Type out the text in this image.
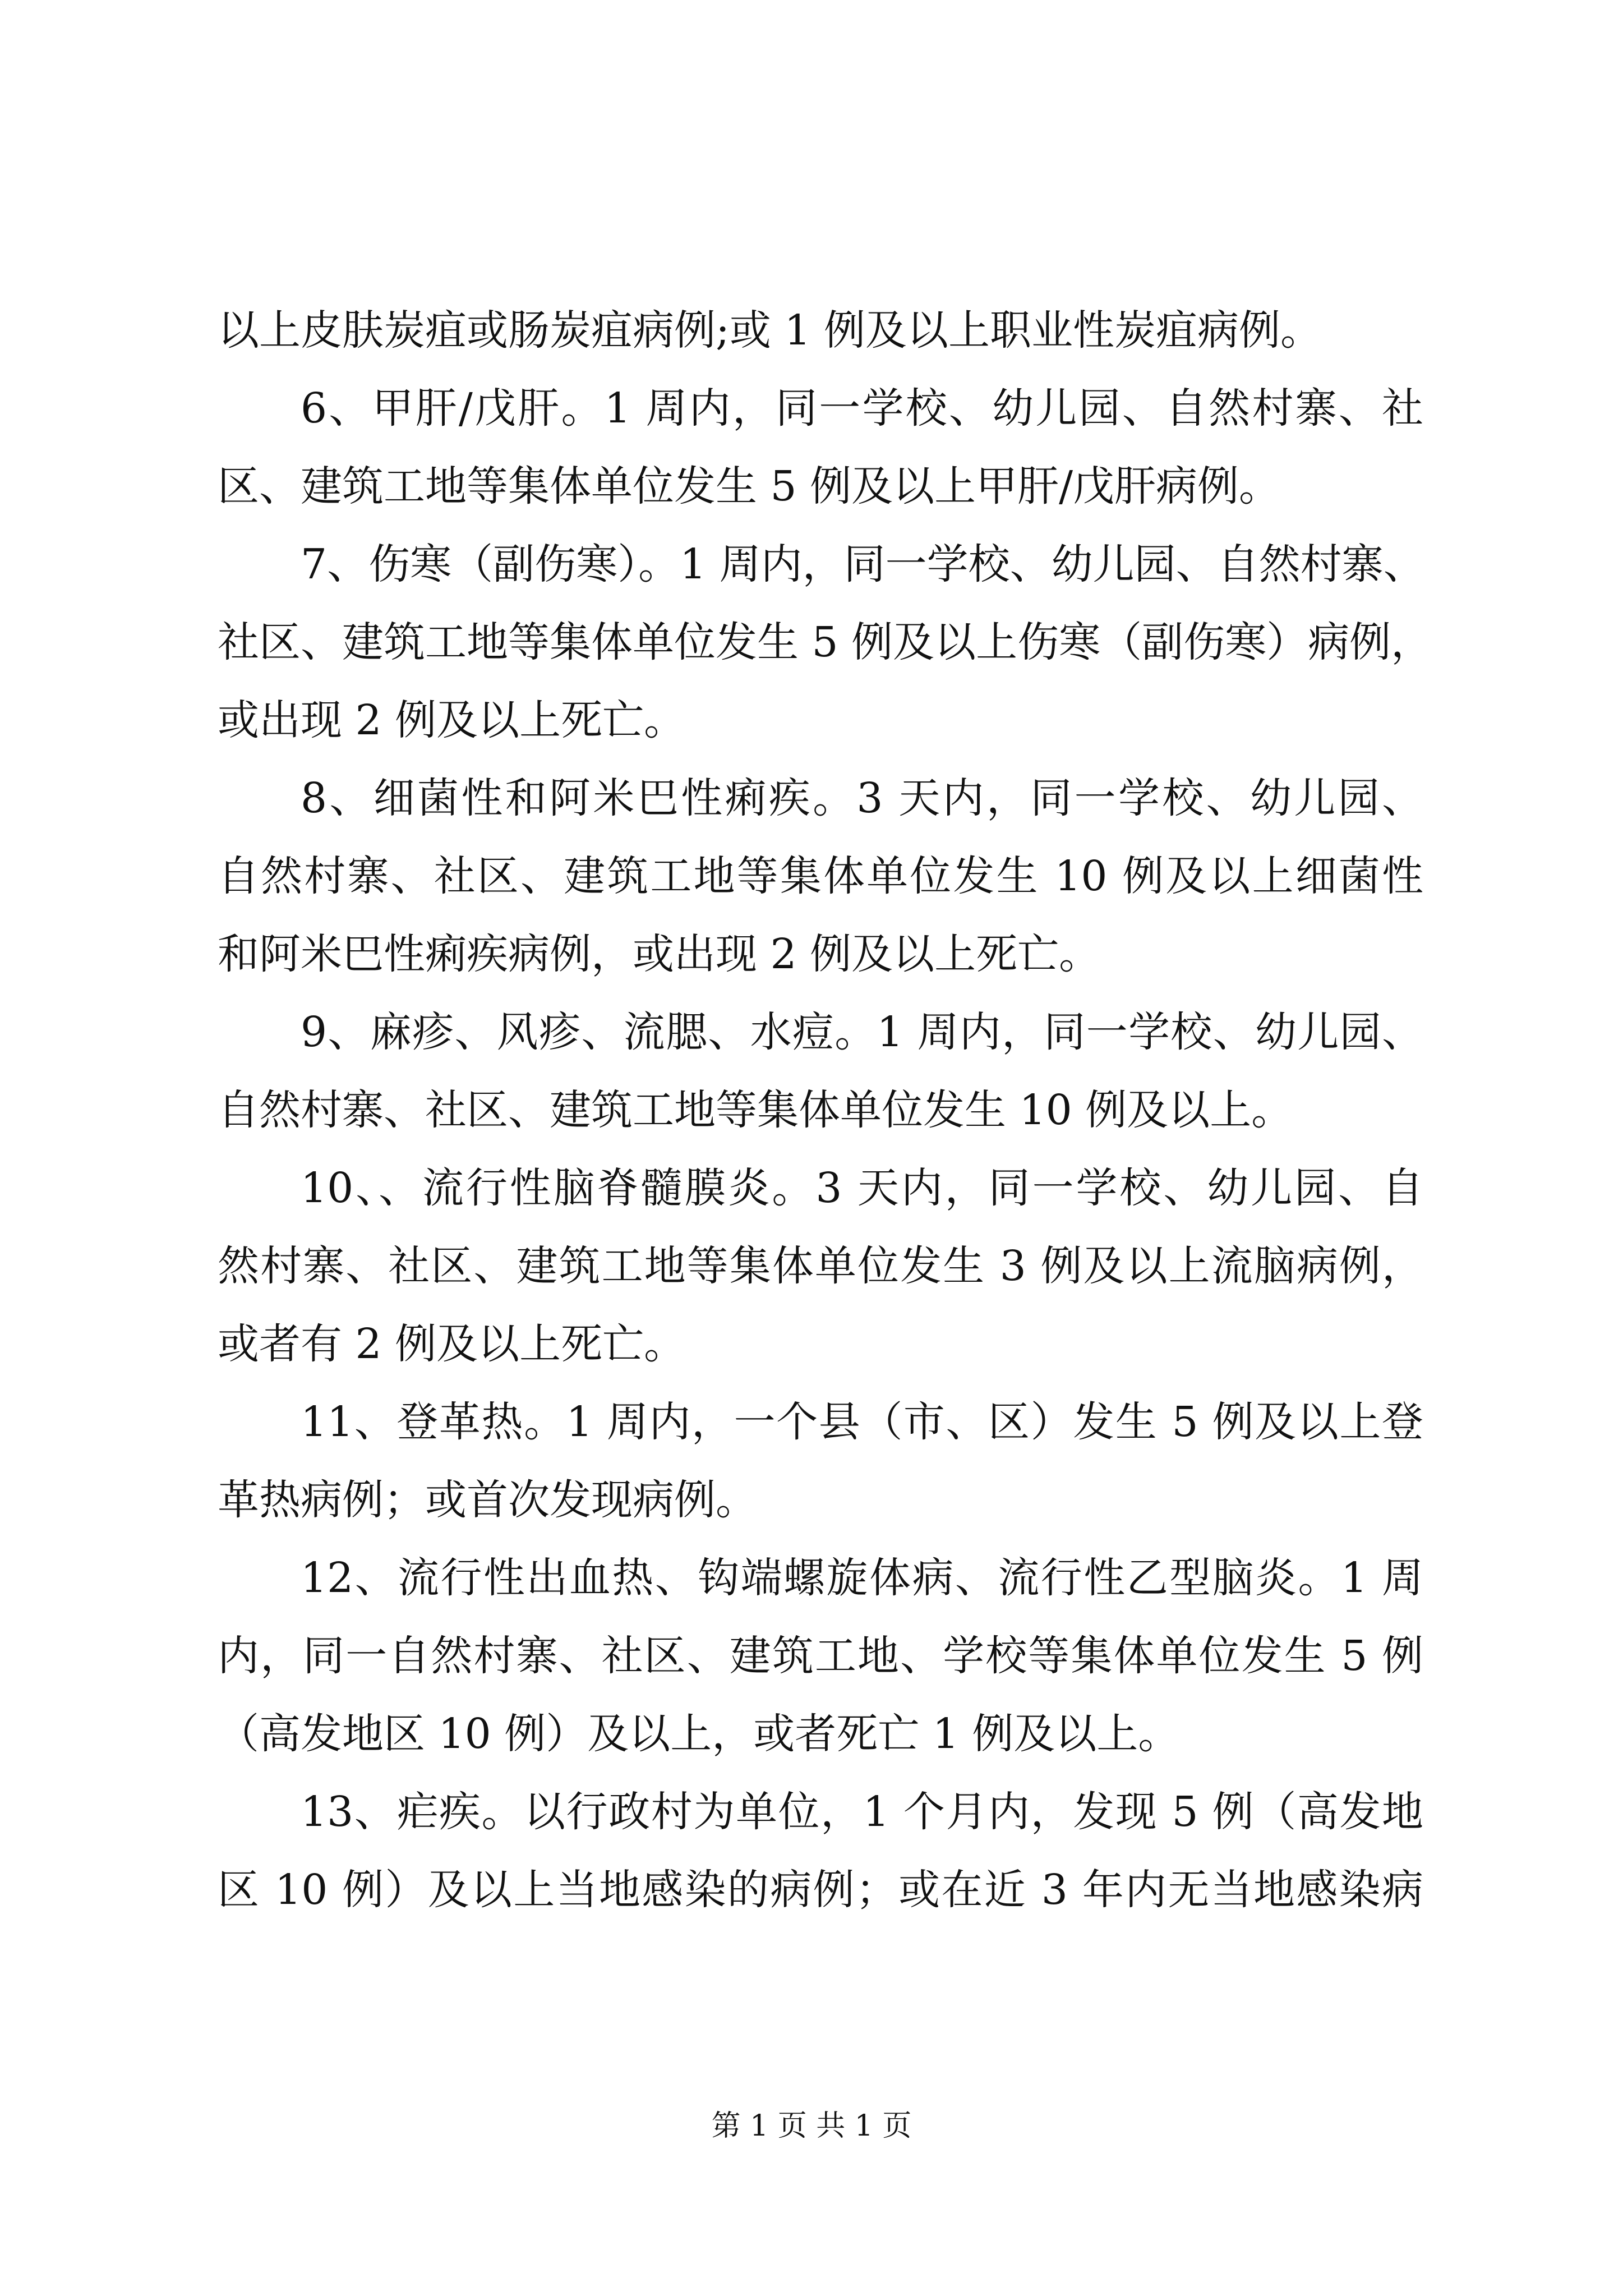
以上皮肤炭疽或肠炭疽病例;或 1 例及以上职业性炭疽病例。
6、甲肝/戊肝。1 周内，同一学校、幼儿园、自然村寨、社
区、建筑工地等集体单位发生 5 例及以上甲肝/戊肝病例。
7、伤寒（副伤寒）。1 周内，同一学校、幼儿园、自然村寨、
社区、建筑工地等集体单位发生 5 例及以上伤寒（副伤寒）病例，
或出现 2 例及以上死亡。
8、细菌性和阿米巴性痢疾。3 天内，同一学校、幼儿园、
自然村寨、社区、建筑工地等集体单位发生 10 例及以上细菌性
和阿米巴性痢疾病例，或出现 2 例及以上死亡。
9、麻疹、风疹、流腮、水痘。1 周内，同一学校、幼儿园、
自然村寨、社区、建筑工地等集体单位发生 10 例及以上。
10、、流行性脑脊髓膜炎。3 天内，同一学校、幼儿园、自
然村寨、社区、建筑工地等集体单位发生 3 例及以上流脑病例，
或者有 2 例及以上死亡。
11、登革热。1 周内，一个县（市、区）发生 5 例及以上登
革热病例；或首次发现病例。
12、流行性出血热、钩端螺旋体病、流行性乙型脑炎。1 周
内，同一自然村寨、社区、建筑工地、学校等集体单位发生 5 例
（高发地区 10 例）及以上，或者死亡 1 例及以上。
13、疟疾。以行政村为单位，1 个月内，发现 5 例（高发地
区 10 例）及以上当地感染的病例；或在近 3 年内无当地感染病
第 1 页 共 1 页
